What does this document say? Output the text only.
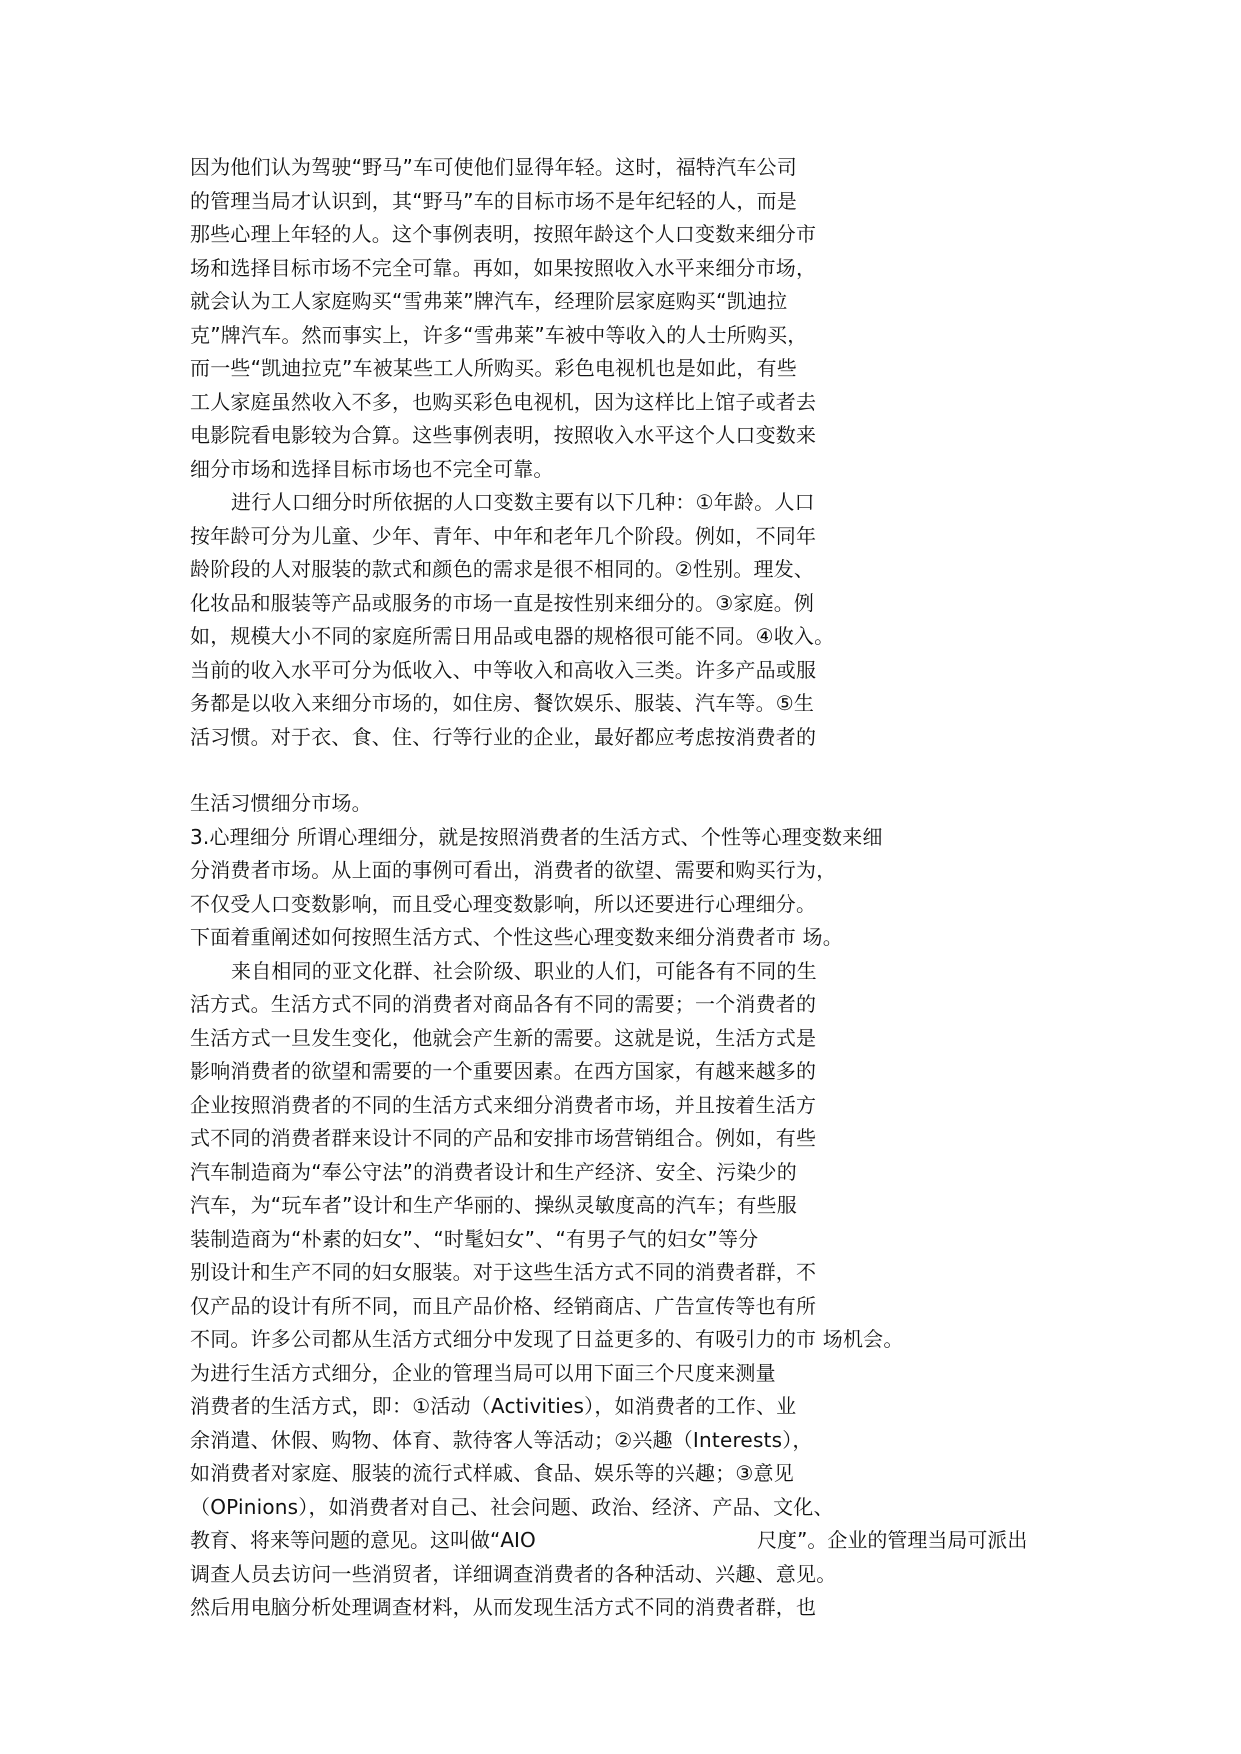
因为他们认为驾驶“野马”车可使他们显得年轻。这时，福特汽车公司
的管理当局才认识到，其“野马”车的目标市场不是年纪轻的人，而是
那些心理上年轻的人。这个事例表明，按照年龄这个人口变数来细分市
场和选择目标市场不完全可靠。再如，如果按照收入水平来细分市场，
就会认为工人家庭购买“雪弗莱”牌汽车，经理阶层家庭购买“凯迪拉
克”牌汽车。然而事实上，许多“雪弗莱”车被中等收入的人士所购买，
而一些“凯迪拉克”车被某些工人所购买。彩色电视机也是如此，有些
工人家庭虽然收入不多，也购买彩色电视机，因为这样比上馆子或者去
电影院看电影较为合算。这些事例表明，按照收入水平这个人口变数来
细分市场和选择目标市场也不完全可靠。
进行人口细分时所依据的人口变数主要有以下几种：①年龄。人口
按年龄可分为儿童、少年、青年、中年和老年几个阶段。例如，不同年
龄阶段的人对服装的款式和颜色的需求是很不相同的。②性别。理发、
化妆品和服装等产品或服务的市场一直是按性别来细分的。③家庭。例
如，规模大小不同的家庭所需日用品或电器的规格很可能不同。④收入。
当前的收入水平可分为低收入、中等收入和高收入三类。许多产品或服
务都是以收入来细分市场的，如住房、餐饮娱乐、服装、汽车等。⑤生
活习惯。对于衣、食、住、行等行业的企业，最好都应考虑按消费者的
生活习惯细分市场。
3.心理细分 所谓心理细分，就是按照消费者的生活方式、个性等心理变数来细
分消费者市场。从上面的事例可看出，消费者的欲望、需要和购买行为，
不仅受人口变数影响，而且受心理变数影响，所以还要进行心理细分。
下面着重阐述如何按照生活方式、个性这些心理变数来细分消费者市 场。
来自相同的亚文化群、社会阶级、职业的人们，可能各有不同的生
活方式。生活方式不同的消费者对商品各有不同的需要；一个消费者的
生活方式一旦发生变化，他就会产生新的需要。这就是说，生活方式是
影响消费者的欲望和需要的一个重要因素。在西方国家，有越来越多的
企业按照消费者的不同的生活方式来细分消费者市场，并且按着生活方
式不同的消费者群来设计不同的产品和安排市场营销组合。例如，有些
汽车制造商为“奉公守法”的消费者设计和生产经济、安全、污染少的
汽车，为“玩车者”设计和生产华丽的、操纵灵敏度高的汽车；有些服
装制造商为“朴素的妇女”、“时髦妇女”、“有男子气的妇女”等分
别设计和生产不同的妇女服装。对于这些生活方式不同的消费者群，不
仅产品的设计有所不同，而且产品价格、经销商店、广告宣传等也有所
不同。许多公司都从生活方式细分中发现了日益更多的、有吸引力的市 场机会。
为进行生活方式细分，企业的管理当局可以用下面三个尺度来测量
消费者的生活方式，即：①活动（Activities），如消费者的工作、业
余消遣、休假、购物、体育、款待客人等活动；②兴趣（Interests），
如消费者对家庭、服装的流行式样戚、食品、娱乐等的兴趣；③意见
（OPinions），如消费者对自己、社会问题、政治、经济、产品、文化、

教育、将来等问题的意见。这叫做“AIO

	尺度”。企业的管理当局可派出

调查人员去访问一些消贸者，详细调查消费者的各种活动、兴趣、意见。
然后用电脑分析处理调查材料，从而发现生活方式不同的消费者群，也
